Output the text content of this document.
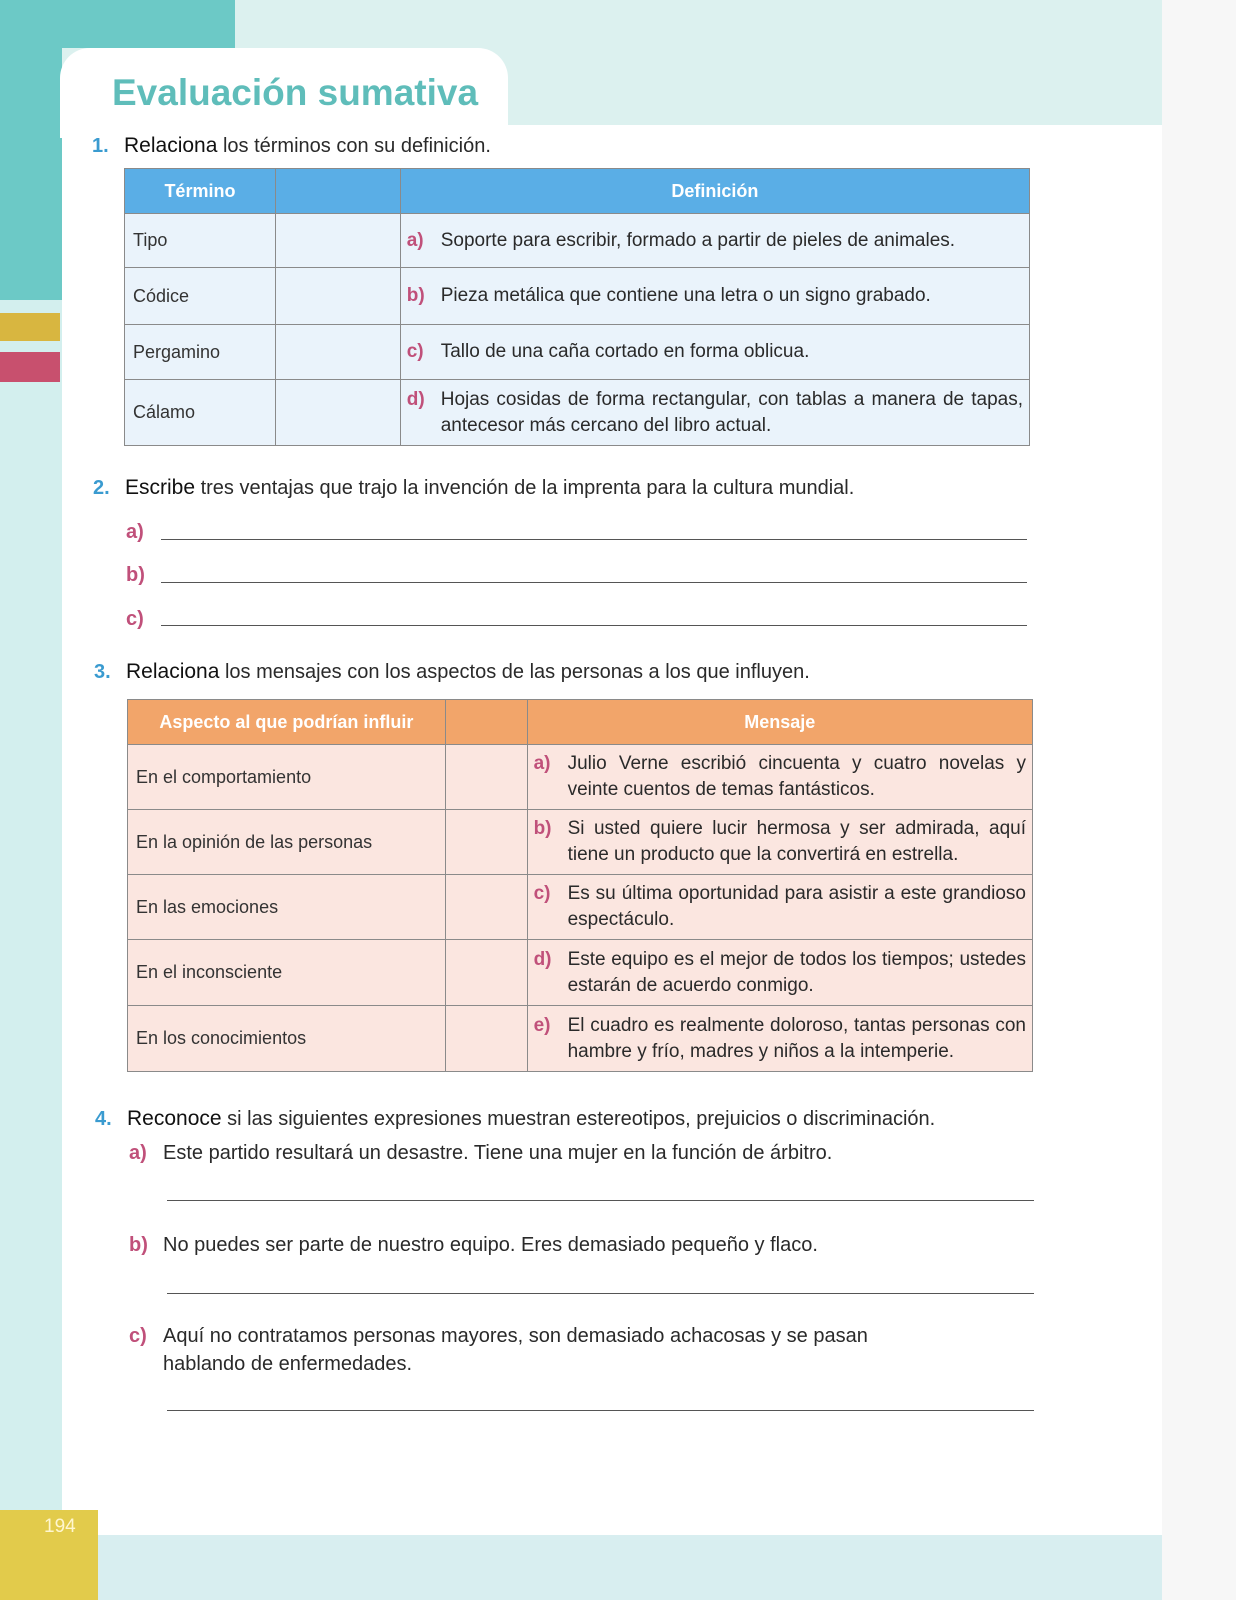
194
Evaluación sumativa
1. Relaciona los términos con su definición.
Término		Definición
Tipo		a) Soporte para escribir, formado a partir de pieles de animales.

Códice		b) Pieza metálica que contiene una letra o un signo grabado.

Pergamino		c) Tallo de una caña cortado en forma oblicua.

Cálamo		d) Hojas cosidas de forma rectangular, con tablas a manera de tapas, antecesor más cercano del libro actual.
2. Escribe tres ventajas que trajo la invención de la imprenta para la cultura mundial.
a)
b)
c)
3. Relaciona los mensajes con los aspectos de las personas a los que influyen.
Aspecto al que podrían influir		Mensaje
En el comportamiento		a) Julio Verne escribió cincuenta y cuatro novelas y veinte cuentos de temas fantásticos.

En la opinión de las personas		b) Si usted quiere lucir hermosa y ser admirada, aquí tiene un producto que la convertirá en estrella.

En las emociones		c) Es su última oportunidad para asistir a este grandioso espectáculo.

En el inconsciente		d) Este equipo es el mejor de todos los tiempos; ustedes estarán de acuerdo conmigo.

En los conocimientos		e) El cuadro es realmente doloroso, tantas personas con hambre y frío, madres y niños a la intemperie.
4. Reconoce si las siguientes expresiones muestran estereotipos, prejuicios o discriminación.
a) Este partido resultará un desastre. Tiene una mujer en la función de árbitro.
b) No puedes ser parte de nuestro equipo. Eres demasiado pequeño y flaco.
c) Aquí no contratamos personas mayores, son demasiado achacosas y se pasan hablando de enfermedades.
